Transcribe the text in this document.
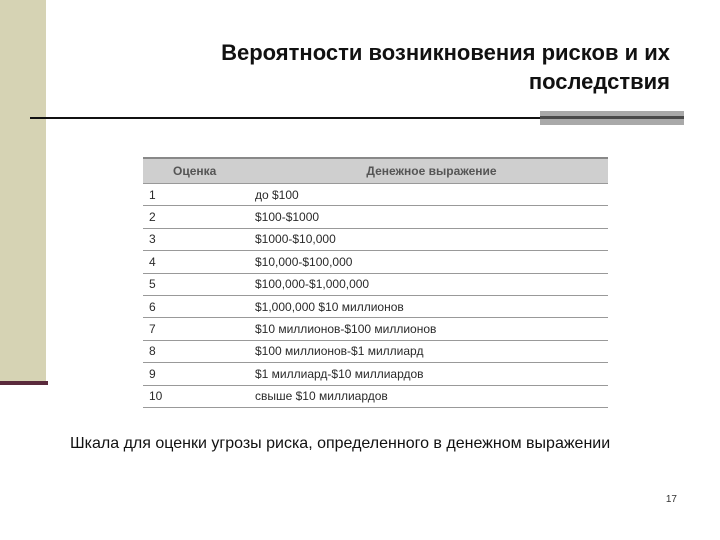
Вероятности возникновения рисков и их
последствия
Оценка	Денежное выражение
1	до $100
2	$100-$1000
3	$1000-$10,000
4	$10,000-$100,000
5	$100,000-$1,000,000
6	$1,000,000 $10 миллионов
7	$10 миллионов-$100 миллионов
8	$100 миллионов-$1 миллиард
9	$1 миллиард-$10 миллиардов
10	свыше $10 миллиардов
Шкала для оценки угрозы риска, определенного в денежном выражении
17
